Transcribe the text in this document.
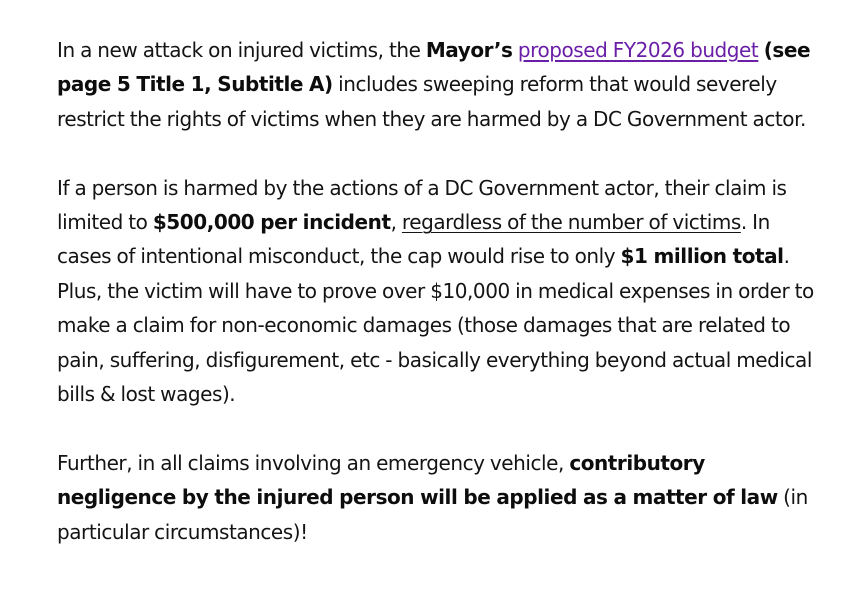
In a new attack on injured victims, the Mayor’s proposed FY2026 budget (see page 5 Title 1, Subtitle A) includes sweeping reform that would severely restrict the rights of victims when they are harmed by a DC Government actor.

If a person is harmed by the actions of a DC Government actor, their claim is limited to $500,000 per incident, regardless of the number of victims. In cases of intentional misconduct, the cap would rise to only $1 million total. Plus, the victim will have to prove over $10,000 in medical expenses in order to make a claim for non-economic damages (those damages that are related to pain, suffering, disfigurement, etc - basically everything beyond actual medical bills & lost wages).

Further, in all claims involving an emergency vehicle, contributory negligence by the injured person will be applied as a matter of law (in particular circumstances)!
